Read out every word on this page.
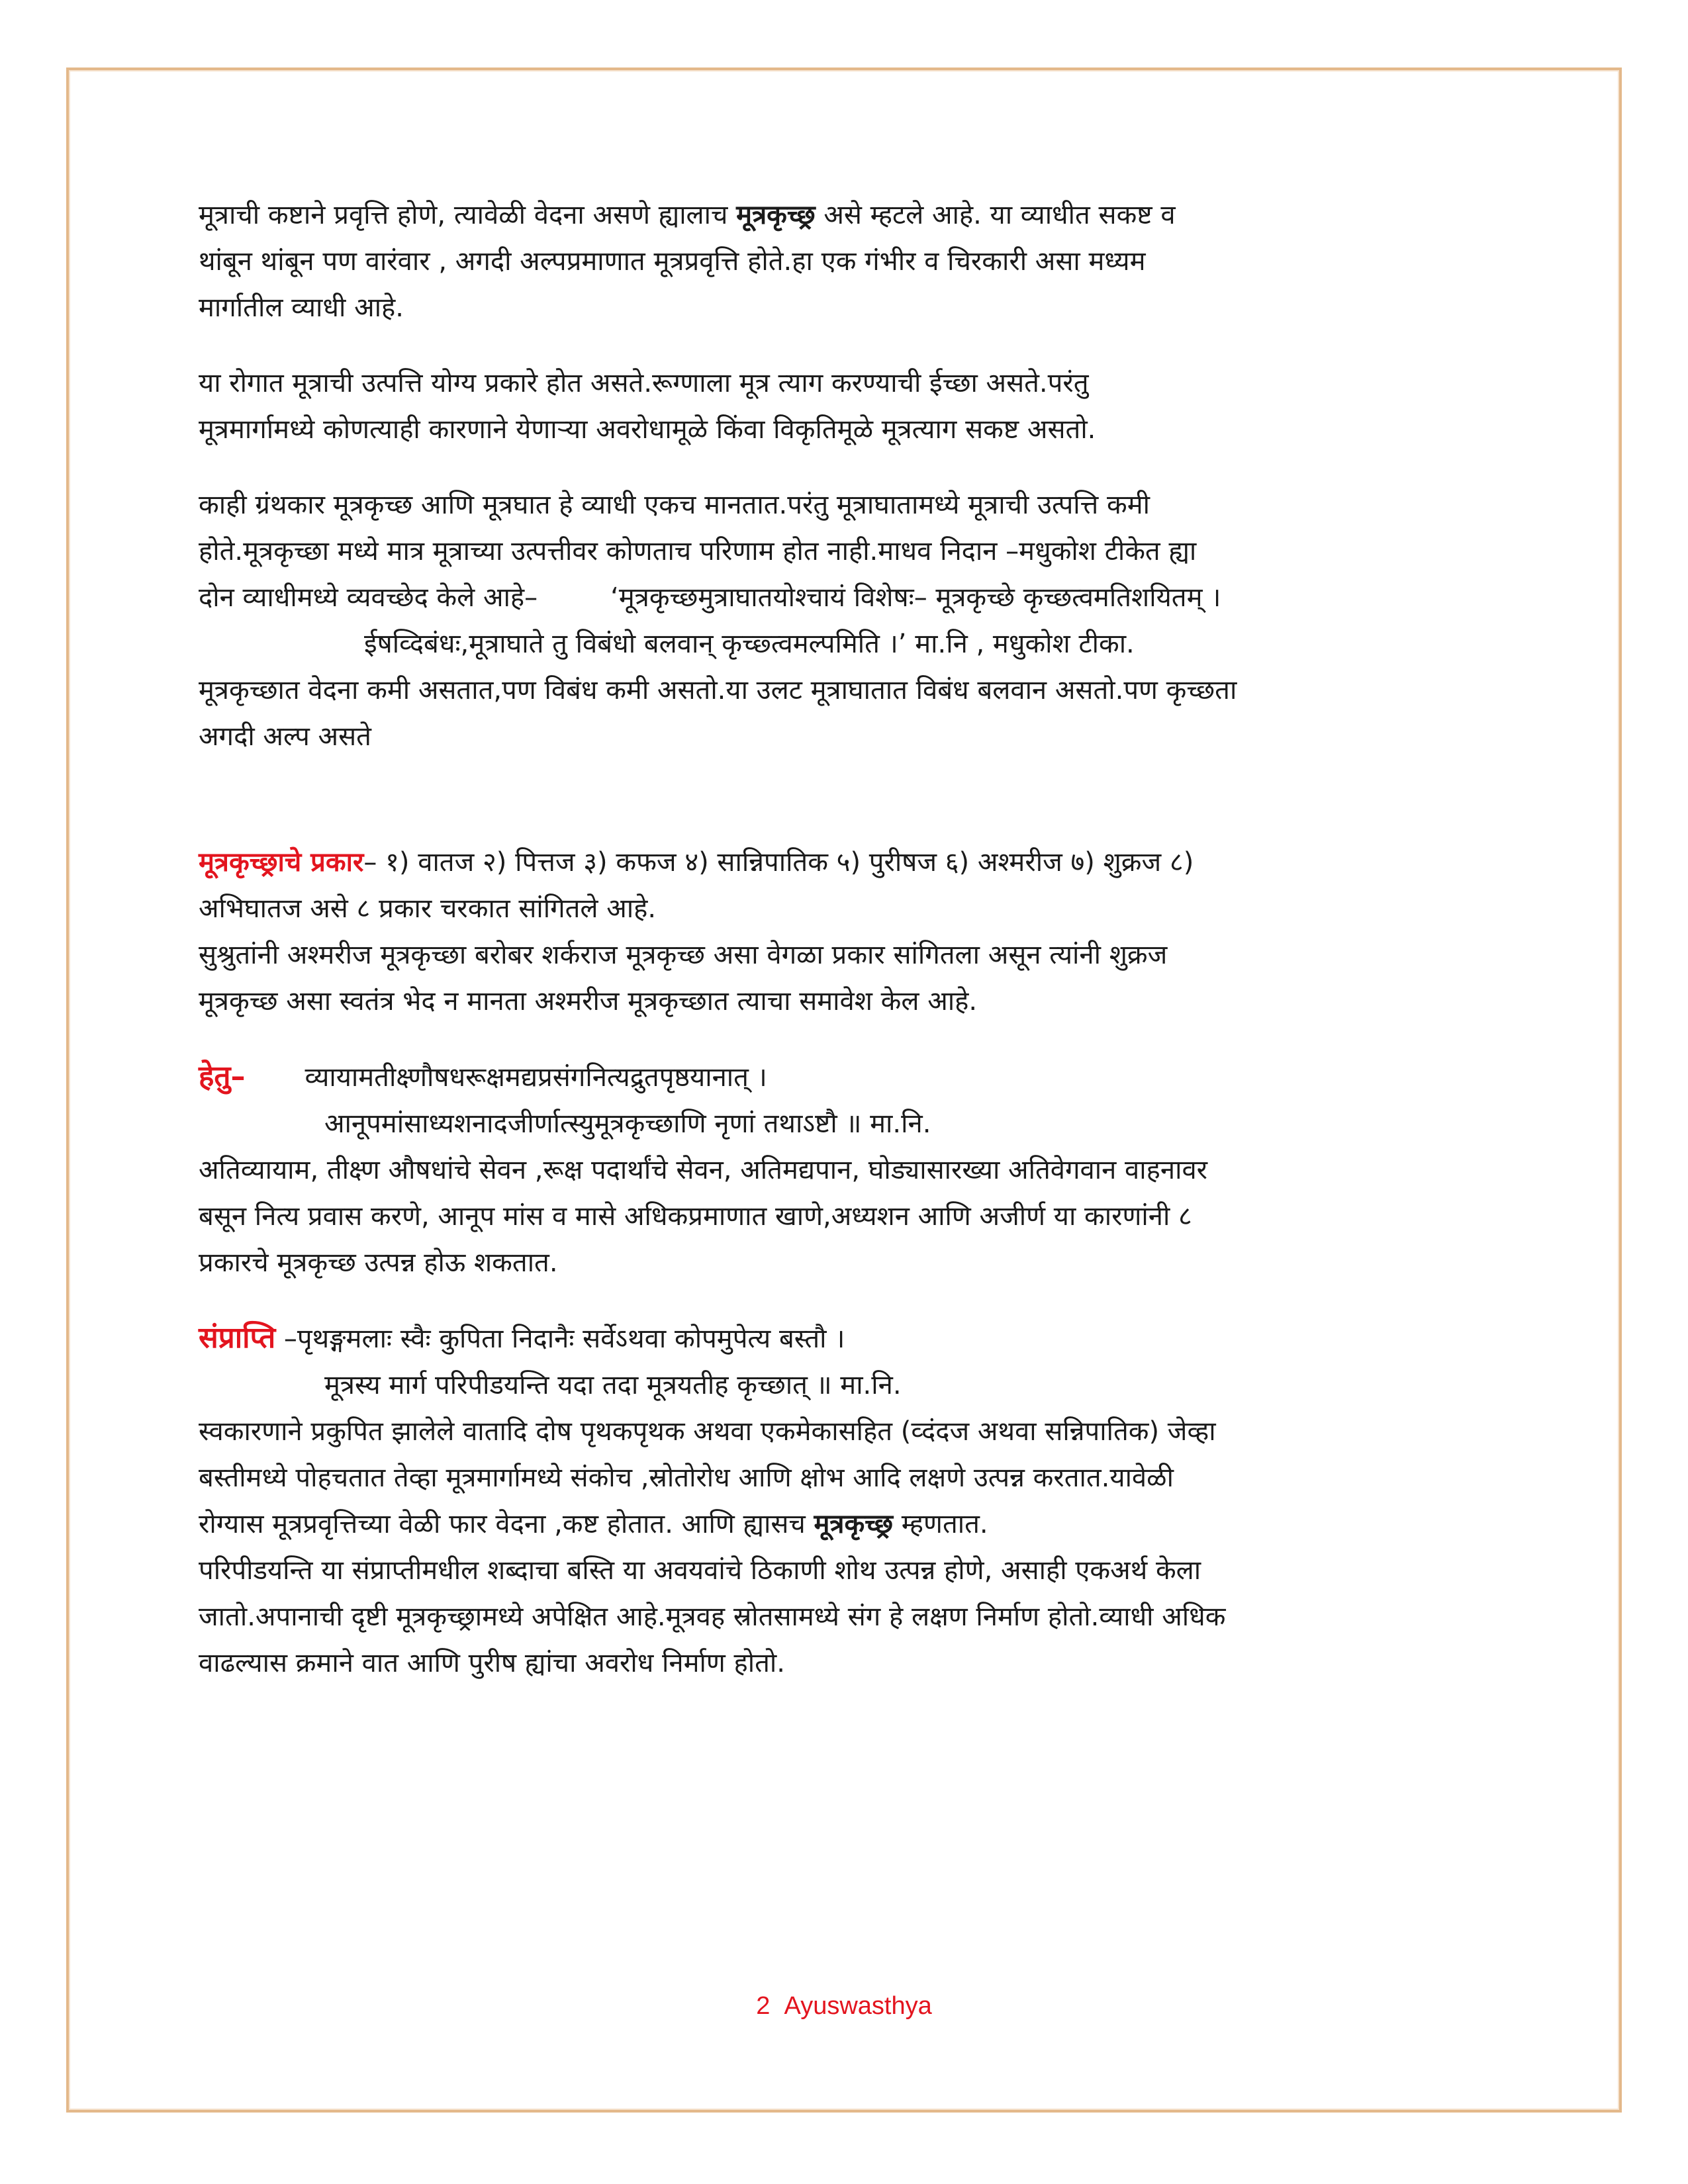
मूत्राची कष्टाने प्रवृत्ति होणे, त्यावेळी वेदना असणे ह्यालाच मूत्रकृच्छ्र असे म्हटले आहे. या व्याधीत सकष्ट व
थांबून थांबून पण वारंवार , अगदी अल्पप्रमाणात मूत्रप्रवृत्ति होते.हा एक गंभीर व चिरकारी असा मध्यम
मार्गातील व्याधी आहे.
या रोगात मूत्राची उत्पत्ति योग्य प्रकारे होत असते.रूग्णाला मूत्र त्याग करण्याची ईच्छा असते.परंतु
मूत्रमार्गामध्ये कोणत्याही कारणाने येणाऱ्या अवरोधामूळे किंवा विकृतिमूळे मूत्रत्याग सकष्ट असतो.
काही ग्रंथकार मूत्रकृच्छ आणि मूत्रघात हे व्याधी एकच मानतात.परंतु मूत्राघातामध्ये मूत्राची उत्पत्ति कमी
होते.मूत्रकृच्छा मध्ये मात्र मूत्राच्या उत्पत्तीवर कोणताच परिणाम होत नाही.माधव निदान –मधुकोश टीकेत ह्या
दोन व्याधीमध्ये व्यवच्छेद केले आहे–	‘मूत्रकृच्छमुत्राघातयोश्चायं विशेषः– मूत्रकृच्छे कृच्छत्वमतिशयितम् ।
ईषव्दिबंधः,मूत्राघाते तु विबंधो बलवान् कृच्छ्त्वमल्पमिति ।’ मा.नि , मधुकोश टीका.
मूत्रकृच्छात वेदना कमी असतात,पण विबंध कमी असतो.या उलट मूत्राघातात विबंध बलवान असतो.पण कृच्छता
अगदी अल्प असते
मूत्रकृच्छ्राचे प्रकार– १) वातज २) पित्तज ३) कफज ४) सान्निपातिक ५) पुरीषज ६) अश्मरीज ७) शुक्रज ८)
अभिघातज असे ८ प्रकार चरकात सांगितले आहे.
सुश्रुतांनी अश्मरीज मूत्रकृच्छा बरोबर शर्कराज मूत्रकृच्छ असा वेगळा प्रकार सांगितला असून त्यांनी शुक्रज
मूत्रकृच्छ असा स्वतंत्र भेद न मानता अश्मरीज मूत्रकृच्छात त्याचा समावेश केल आहे.
हेतु– व्यायामतीक्ष्णौषधरूक्षमद्यप्रसंगनित्यद्रुतपृष्ठयानात् ।
आनूपमांसाध्यशनादजीर्णात्स्युमूत्रकृच्छाणि नृणां तथाऽष्टौ ॥ मा.नि.
अतिव्यायाम, तीक्ष्ण औषधांचे सेवन ,रूक्ष पदार्थांचे सेवन, अतिमद्यपान, घोड्यासारख्या अतिवेगवान वाहनावर
बसून नित्य प्रवास करणे, आनूप मांस व मासे अधिकप्रमाणात खाणे,अध्यशन आणि अजीर्ण या कारणांनी ८
प्रकारचे मूत्रकृच्छ उत्पन्न होऊ शकतात.
संप्राप्ति –पृथङ्गमलाः स्वैः कुपिता निदानैः सर्वेऽथवा कोपमुपेत्य बस्तौ ।
मूत्रस्य मार्ग परिपीडयन्ति यदा तदा मूत्रयतीह कृच्छात् ॥ मा.नि.
स्वकारणाने प्रकुपित झालेले वातादि दोष पृथकपृथक अथवा एकमेकासहित (व्दंदज अथवा सन्निपातिक) जेव्हा
बस्तीमध्ये पोहचतात तेव्हा मूत्रमार्गामध्ये संकोच ,स्रोतोरोध आणि क्षोभ आदि लक्षणे उत्पन्न करतात.यावेळी
रोग्यास मूत्रप्रवृत्तिच्या वेळी फार वेदना ,कष्ट होतात. आणि ह्यासच मूत्रकृच्छ्र म्हणतात.
परिपीडयन्ति या संप्राप्तीमधील शब्दाचा बस्ति या अवयवांचे ठिकाणी शोथ उत्पन्न होणे, असाही एकअर्थ केला
जातो.अपानाची दृष्टी मूत्रकृच्छ्रामध्ये अपेक्षित आहे.मूत्रवह स्रोतसामध्ये संग हे लक्षण निर्माण होतो.व्याधी अधिक
वाढल्यास क्रमाने वात आणि पुरीष ह्यांचा अवरोध निर्माण होतो.
2 Ayuswasthya
